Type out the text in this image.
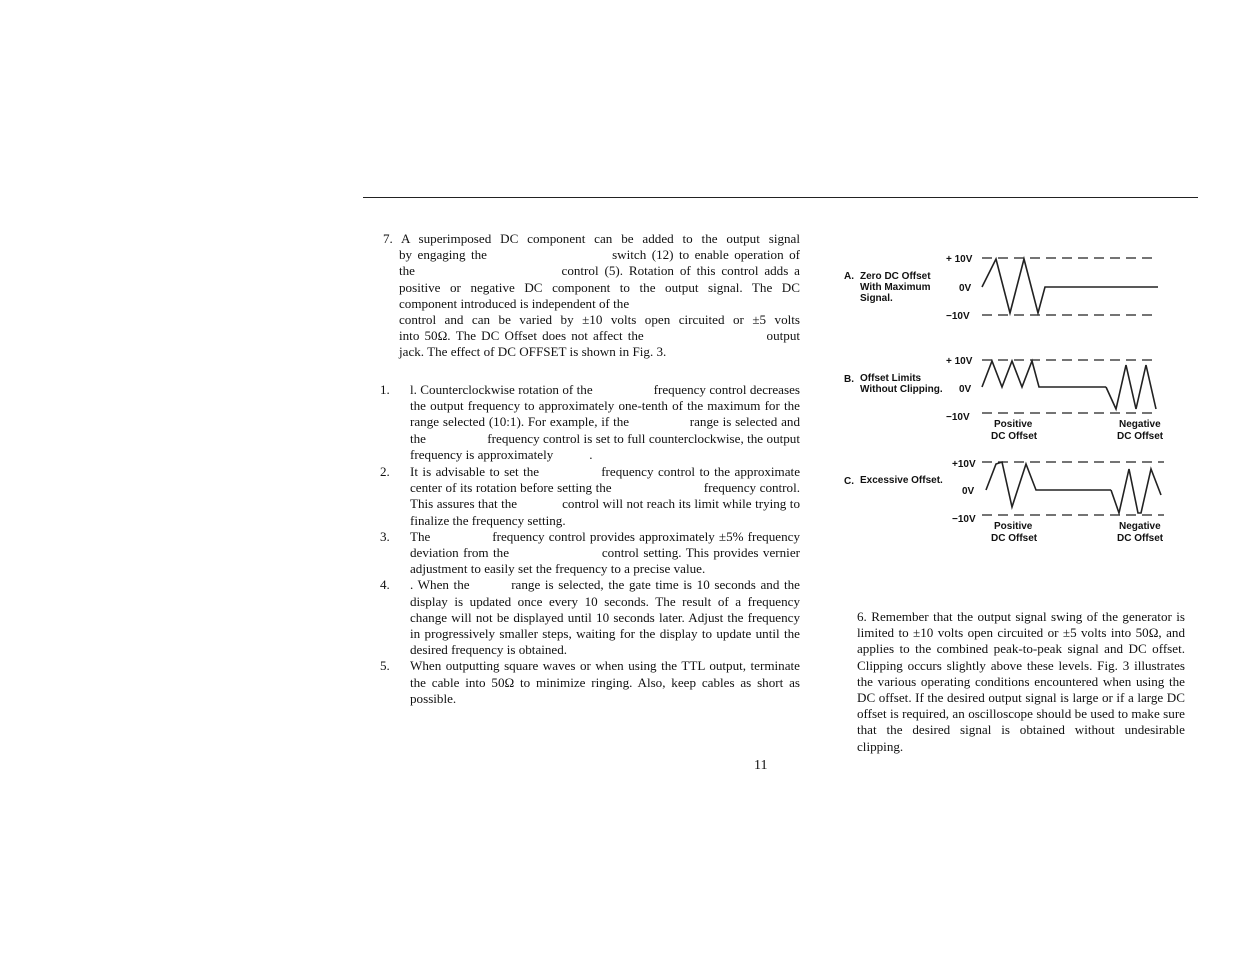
7. A superimposed DC component can be added to the output signal
by engaging the                       switch (12) to enable operation of
the                         control (5). Rotation of this control adds a
positive or negative DC component to the output signal. The DC
component introduced is independent of the
control and can be varied by ±10 volts open circuited or ±5 volts
into 50Ω. The DC Offset does not affect the                        output
jack. The effect of DC OFFSET is shown in Fig. 3.
1. l. Counterclockwise rotation of the                  frequency control decreases the output frequency to approximately one-tenth of the maximum for the range selected (10:1). For example, if the                range is selected and the                  frequency control is set to full counterclockwise, the output frequency is approximately           .
2. It is advisable to set the              frequency control to the approximate center of its rotation before setting the                          frequency control. This assures that the             control will not reach its limit while trying to finalize the frequency setting.
3. The               frequency control provides approximately ±5% frequency deviation from the                     control setting. This provides vernier adjustment to easily set the frequency to a precise value.
4. . When the         range is selected, the gate time is 10 seconds and the display is updated once every 10 seconds. The result of a frequency change will not be displayed until 10 seconds later. Adjust the frequency in progressively smaller steps, waiting for the display to update until the desired frequency is obtained.
5. When outputting square waves or when using the TTL output, terminate the cable into 50Ω to minimize ringing. Also, keep cables as short as possible.
11
A. Zero DC Offset
With Maximum
Signal.
+ 10V
0V
−10V
B. Offset Limits
Without Clipping.
+ 10V
0V
−10V
Positive
DC Offset
Negative
DC Offset
C. Excessive Offset.
+10V
0V
−10V
Positive
DC Offset
Negative
DC Offset

6. Remember that the output signal swing of the generator is limited to ±10 volts open circuited or ±5 volts into 50Ω, and applies to the combined peak-to-peak signal and DC offset. Clipping occurs slightly above these levels. Fig. 3 illustrates the various operating conditions encountered when using the DC offset. If the desired output signal is large or if a large DC offset is required, an oscilloscope should be used to make sure that the desired signal is obtained without undesirable clipping.
